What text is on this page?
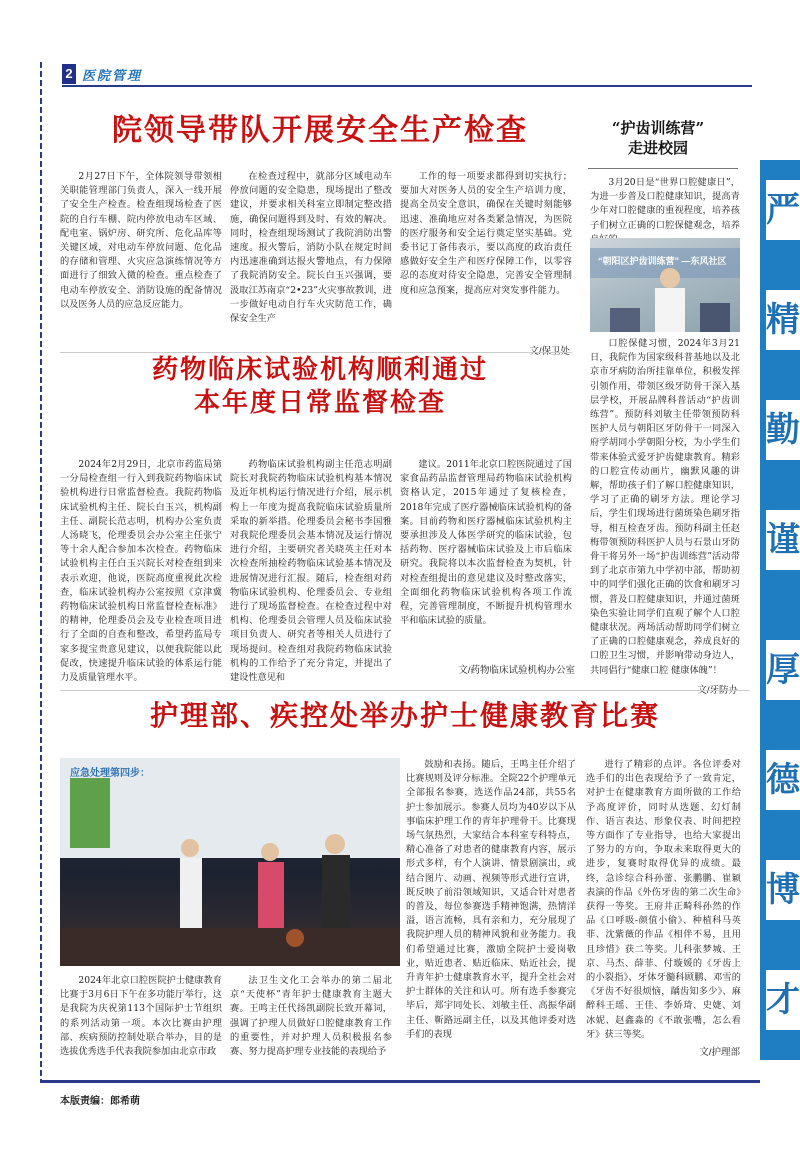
2 医院管理
院领导带队开展安全生产检查

2月27日下午，全体院领导带领相关职能管理部门负责人，深入一线开展了安全生产检查。检查组现场检查了医院的自行车棚、院内停放电动车区域、配电室、锅炉房、研究所、危化品库等关键区域，对电动车停放问题、危化品的存储和管理、火灾应急演练情况等方面进行了细致入微的检查。重点检查了电动车停放安全、消防设施的配备情况以及医务人员的应急反应能力。

在检查过程中，就部分区域电动车停放问题的安全隐患，现场提出了整改建议，并要求相关科室立即制定整改措施，确保问题得到及时、有效的解决。同时，检查组现场测试了我院消防出警速度。报火警后，消防小队在规定时间内迅速准确到达报火警地点，有力保障了我院消防安全。院长白玉兴强调，要汲取江苏南京“2•23”火灾事故教训，进一步做好电动自行车火灾防范工作，确保安全生产

工作的每一项要求都得到切实执行；要加大对医务人员的安全生产培训力度，提高全员安全意识，确保在关键时刻能够迅速、准确地应对各类紧急情况，为医院的医疗服务和安全运行奠定坚实基础。党委书记丁备伟表示，要以高度的政治责任感做好安全生产和医疗保障工作，以零容忍的态度对待安全隐患，完善安全管理制度和应急预案，提高应对突发事件能力。

“护齿训练营”
走进校园

3月20日是“世界口腔健康日”，为进一步普及口腔健康知识，提高青少年对口腔健康的重视程度，培养孩子们树立正确的口腔保健观念，培养

“朝阳区护齿训练营” —东风社区

口腔保健习惯，2024年3月21日，我院作为国家级科普基地以及北京市牙病防治所挂靠单位，积极发挥引领作用，带领区级牙防骨干深入基层学校，开展品牌科普活动“护齿训练营”。预防科刘敏主任带领预防科医护人员与朝阳区牙防骨干一同深入府学胡同小学朝阳分校，为小学生们带来体验式爱牙护齿健康教育。精彩的口腔宣传动画片，幽默风趣的讲解，帮助孩子们了解口腔健康知识，学习了正确的刷牙方法。理论学习后，学生们现场进行菌斑染色刷牙指导，相互检查牙齿。预防科副主任赵梅带领预防科医护人员与石景山牙防骨干将另外一场“护齿训练营”活动带到了北京市第九中学初中部，帮助初中的同学们强化正确的饮食和刷牙习惯，普及口腔健康知识，并通过菌斑染色实验让同学们直观了解个人口腔健康状况。两场活动帮助同学们树立了正确的口腔健康观念，养成良好的口腔卫生习惯，并影响带动身边人，共同倡行“健康口腔 健康体魄”！

药物临床试验机构顺利通过
本年度日常监督检查

2024年2月29日，北京市药监局第一分局检查组一行入到我院药物临床试验机构进行日常监督检查。我院药物临床试验机构主任、院长白玉兴，机构副主任、副院长范志明，机构办公室负责人汤晓飞，伦理委员会办公室主任张宁等十余人配合参加本次检查。药物临床试验机构主任白玉兴院长对检查组到来表示欢迎，他说，医院高度重视此次检查，临床试验机构办公室按照《京津冀药物临床试验机构日常监督检查标准》的精神，伦理委员会及专业检查项目进行了全面的自查和整改，希望药监局专家多提宝贵意见建议，以便我院能以此促改，快速提升临床试验的体系运行能力及质量管理水平。

药物临床试验机构副主任范志明副院长对我院药物临床试验机构基本情况及近年机构运行情况进行介绍，展示机构上一年度为提高我院临床试验质量所采取的新举措。伦理委员会秘书李国雅对我院伦理委员会基本情况及运行情况进行介绍，主要研究者关晓英主任对本次检查所抽检药物临床试验基本情况及进展情况进行汇报。随后，检查组对药物临床试验机构、伦理委员会、专业组进行了现场监督检查。在检查过程中对机构、伦理委员会管理人员及临床试验项目负责人、研究者等相关人员进行了现场提问。检查组对我院药物临床试验机构的工作给予了充分肯定，并提出了建设性意见和

建议。2011年北京口腔医院通过了国家食品药品监督管理局药物临床试验机构资格认定，2015年通过了复核检查，2018年完成了医疗器械临床试验机构的备案。目前药物和医疗器械临床试验机构主要承担涉及人体医学研究的临床试验，包括药物、医疗器械临床试验及上市后临床研究。我院将以本次监督检查为契机，针对检查组提出的意见建议及时整改落实，全面细化药物临床试验机构各项工作流程，完善管理制度，不断提升机构管理水平和临床试验的质量。

文/药物临床试验机构办公室
护理部、疾控处举办护士健康教育比赛
应急处理第四步：

2024年北京口腔医院护士健康教育比赛于3月6日下午在多功能厅举行，这是我院为庆祝第113个国际护士节组织的系列活动第一项。本次比赛由护理部、疾病预防控制处联合举办，目的是选拔优秀选手代表我院参加由北京市政

法卫生文化工会举办的第二届北京“天使杯”青年护士健康教育主题大赛。王鸣主任代扬凯副院长致开幕词，强调了护理人员做好口腔健康教育工作的重要性，并对护理人员积极报名参赛、努力提高护理专业技能的表现给予

鼓励和表扬。随后，王鸣主任介绍了比赛规则及评分标准。全院22个护理单元全部报名参赛，选送作品24部，共55名护士参加展示。参赛人员均为40岁以下从事临床护理工作的青年护理骨干。比赛现场气氛热烈，大家结合本科室专科特点，精心准备了对患者的健康教育内容，展示形式多样，有个人演讲、情景剧演出，或结合图片、动画、视频等形式进行宣讲，既反映了前沿领域知识，又适合针对患者的普及，每位参赛选手精神饱满，热情洋溢，语言流畅，具有亲和力，充分展现了我院护理人员的精神风貌和业务能力。我们希望通过比赛，激励全院护士爱岗敬业，贴近患者、贴近临床、贴近社会，提升青年护士健康教育水平，提升全社会对护士群体的关注和认可。所有选手参赛完毕后，郑宇同处长、刘敏主任、高振华副主任、靳路远副主任，以及其他评委对选手们的表现

进行了精彩的点评。各位评委对选手们的出色表现给予了一致肯定，对护士在健康教育方面所做的工作给予高度评价，同时从选题、幻灯制作、语言表达、形象仪表、时间把控等方面作了专业指导，也给大家提出了努力的方向，争取未来取得更大的进步，复赛时取得优异的成绩。最终，急诊综合科孙蕾、张鹏鹏、崔颖表演的作品《外伤牙齿的第二次生命》获得一等奖。王府井正畸科孙然的作品《口呼吸-颜值小偷》、种植科马英菲、沈紫薇的作品《相伴不易，且用且珍惜》获二等奖。儿科张梦城、王京、马杰、薛菲、付璇媛的《牙齿上的小裂指》、牙体牙髓科顾鹏、邓雪的《牙齿不好很烦恼，龋齿知多少》、麻醉科王瑶、王佳、李娇琦、史婕、刘冰妮、赵鑫淼的《不敢张嘴，怎么看牙》获三等奖。

文/护理部
严
精
勤
谨
厚
德
博
才
本版责编：郎希萌
